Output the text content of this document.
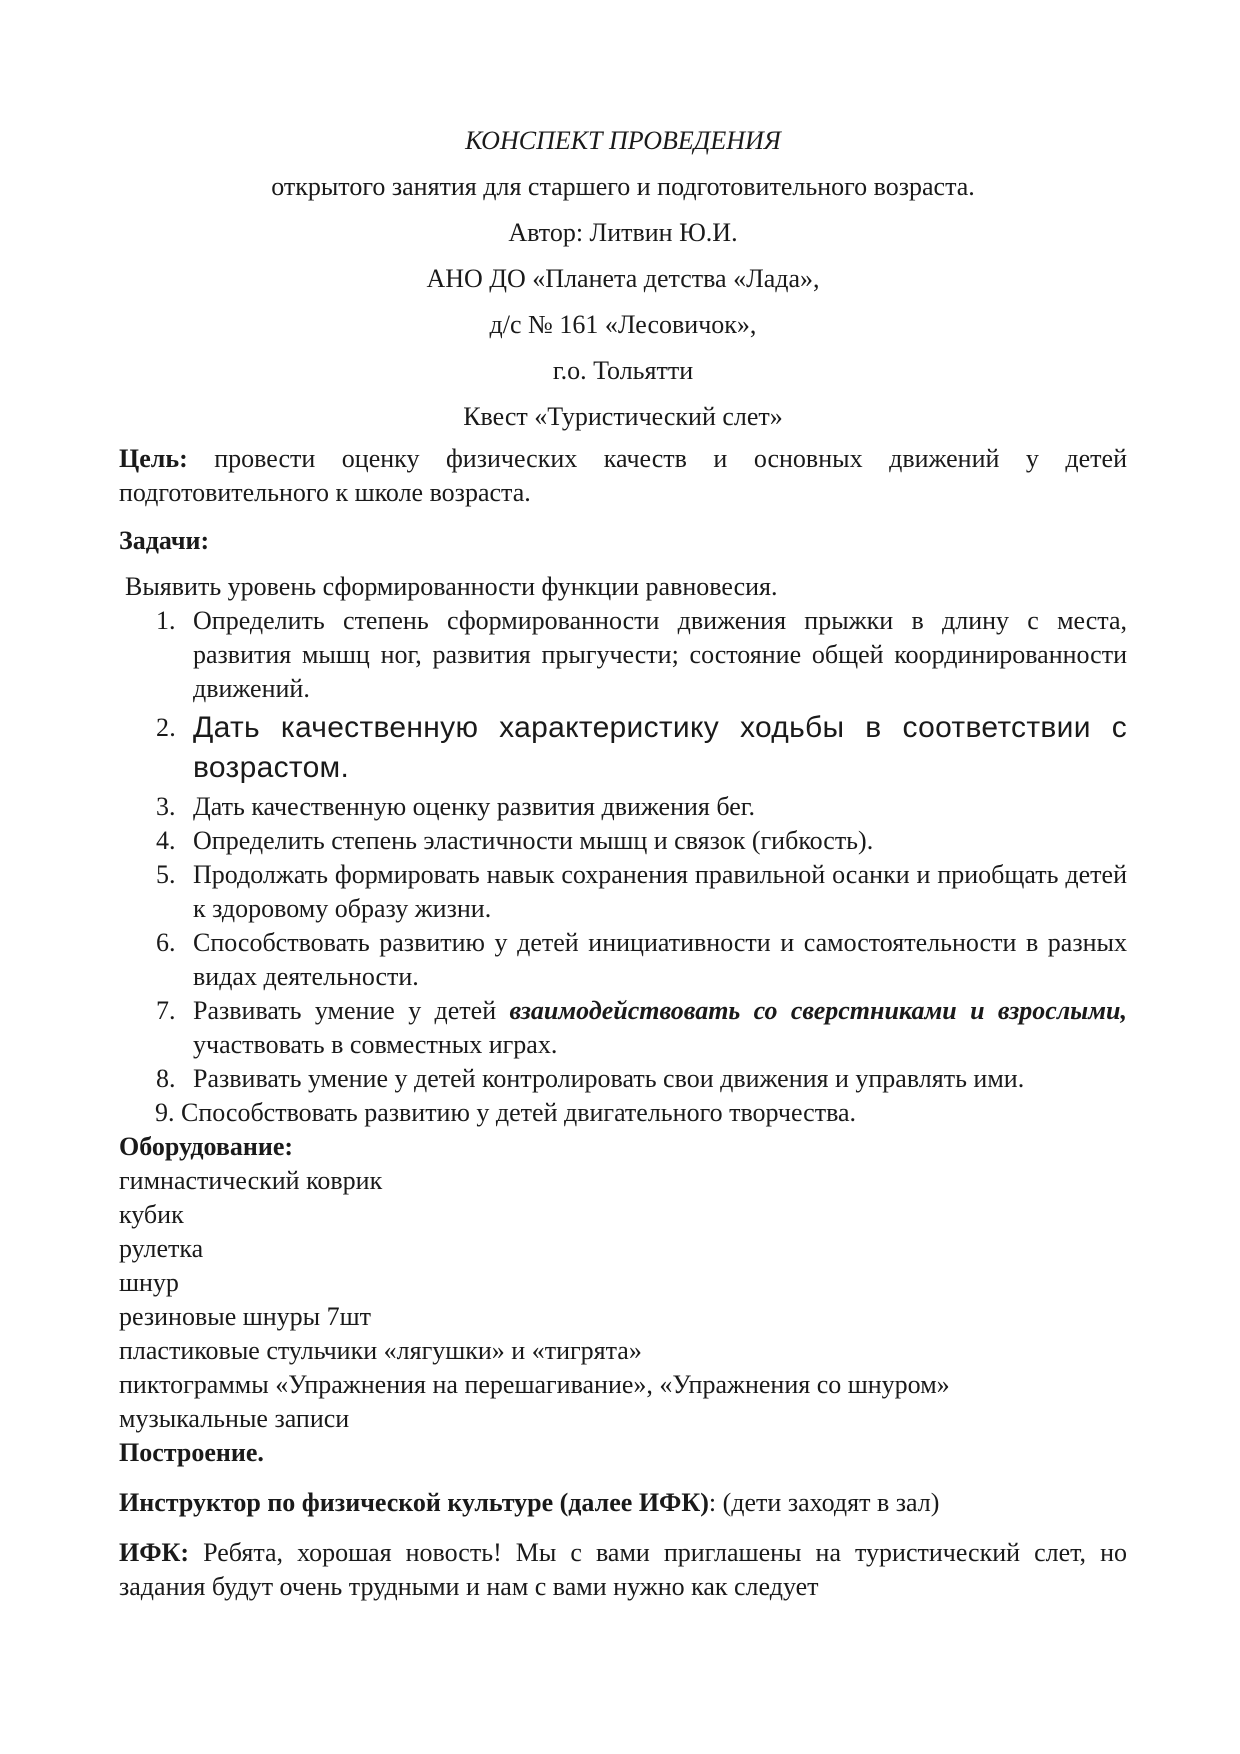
КОНСПЕКТ ПРОВЕДЕНИЯ

открытого занятия для старшего и подготовительного возраста.

Автор: Литвин Ю.И.

АНО ДО «Планета детства «Лада»,

д/с № 161 «Лесовичок»,

г.о. Тольятти

Квест «Туристический слет»

Цель: провести оценку физических качеств и основных движений у детей подготовительного к школе возраста.

Задачи:

Выявить уровень сформированности функции равновесия.

1. Определить степень сформированности движения прыжки в длину с места, развития мышц ног, развития прыгучести; состояние общей координированности движений.
2. Дать качественную характеристику ходьбы в соответствии с возрастом.
3. Дать качественную оценку развития движения бег.
4. Определить степень эластичности мышц и связок (гибкость).
5. Продолжать формировать навык сохранения правильной осанки и приобщать детей к здоровому образу жизни.
6. Способствовать развитию у детей инициативности и самостоятельности в разных видах деятельности.
7. Развивать умение у детей взаимодействовать со сверстниками и взрослыми, участвовать в совместных играх.
8. Развивать умение у детей контролировать свои движения и управлять ими.
9. Способствовать развитию у детей двигательного творчества.

Оборудование:

гимнастический коврик

кубик

рулетка

шнур

резиновые шнуры 7шт

пластиковые стульчики «лягушки» и «тигрята»

пиктограммы «Упражнения на перешагивание», «Упражнения со шнуром»

музыкальные записи

Построение.

Инструктор по физической культуре (далее ИФК): (дети заходят в зал)

ИФК: Ребята, хорошая новость! Мы с вами приглашены на туристический слет, но задания будут очень трудными и нам с вами нужно как следует
